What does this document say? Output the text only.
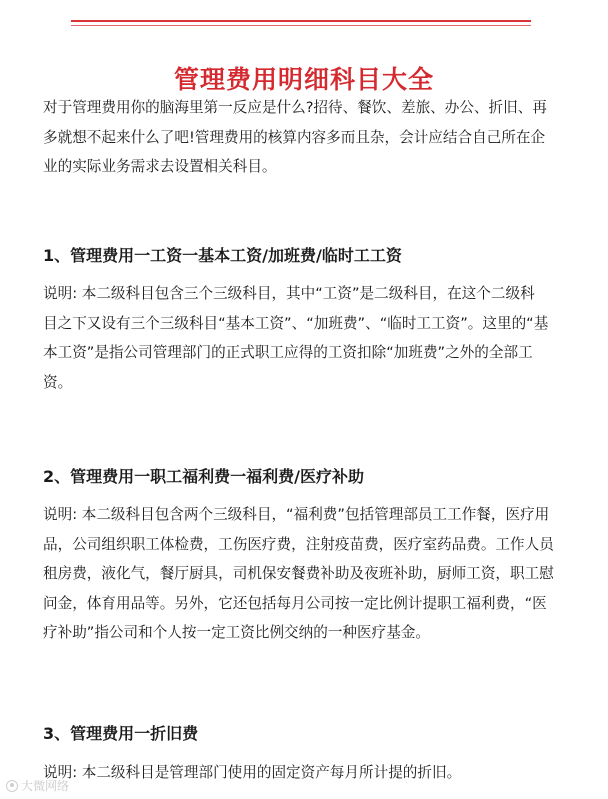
管理费用明细科目大全

对于管理费用你的脑海里第一反应是什么?招待、餐饮、差旅、办公、折旧、再
多就想不起来什么了吧!管理费用的核算内容多而且杂，会计应结合自己所在企
业的实际业务需求去设置相关科目。

1、管理费用一工资一基本工资/加班费/临时工工资

说明: 本二级科目包含三个三级科目，其中“工资”是二级科目，在这个二级科
目之下又设有三个三级科目“基本工资”、“加班费”、“临时工工资”。这里的“基
本工资”是指公司管理部门的正式职工应得的工资扣除“加班费”之外的全部工
资。

2、管理费用一职工福利费一福利费/医疗补助

说明: 本二级科目包含两个三级科目，“福利费”包括管理部员工工作餐，医疗用
品，公司组织职工体检费，工伤医疗费，注射疫苗费，医疗室药品费。工作人员
租房费，液化气，餐厅厨具，司机保安餐费补助及夜班补助，厨师工资，职工慰
问金，体育用品等。另外，它还包括每月公司按一定比例计提职工福利费，“医
疗补助”指公司和个人按一定工资比例交纳的一种医疗基金。

3、管理费用一折旧费

说明: 本二级科目是管理部门使用的固定资产每月所计提的折旧。

大微网络
